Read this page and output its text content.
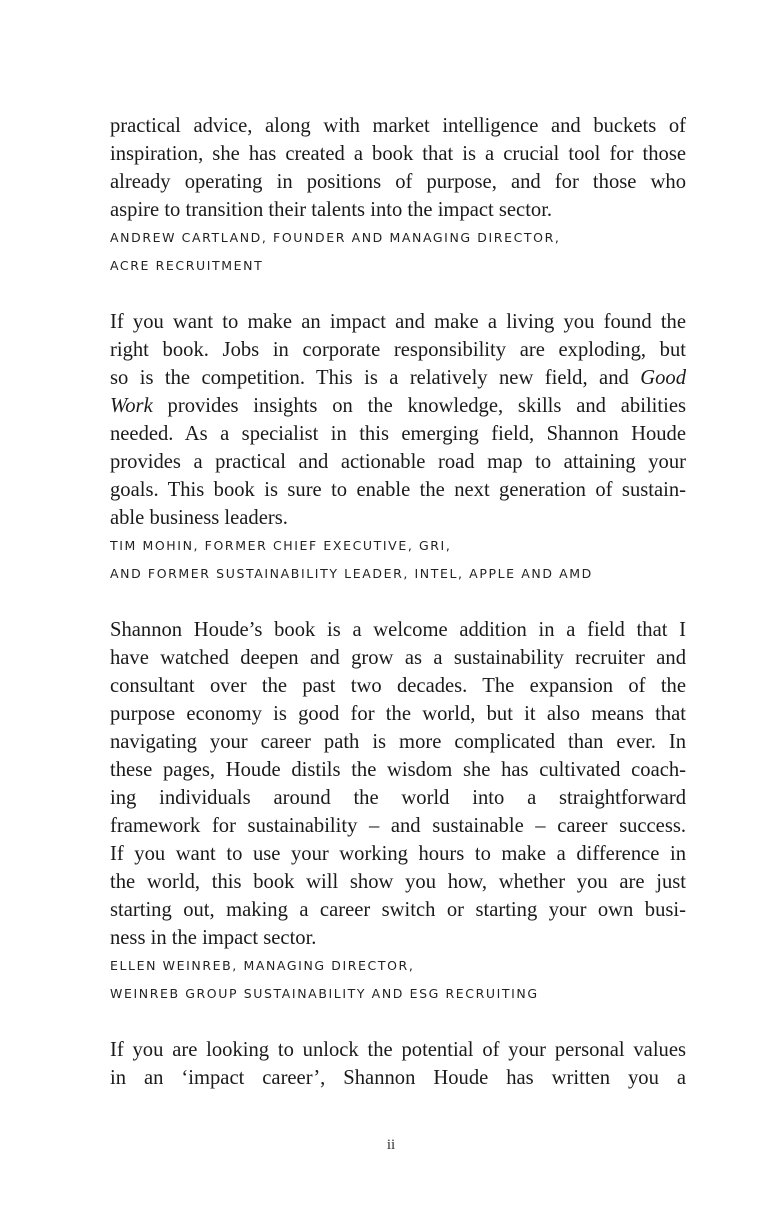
practical advice, along with market intelligence and buckets of
inspiration, she has created a book that is a crucial tool for those
already operating in positions of purpose, and for those who
aspire to transition their talents into the impact sector.

ANDREW CARTLAND, FOUNDER AND MANAGING DIRECTOR,

ACRE RECRUITMENT

If you want to make an impact and make a living you found the
right book. Jobs in corporate responsibility are exploding, but
so is the competition. This is a relatively new field, and Good
Work provides insights on the knowledge, skills and abilities
needed. As a specialist in this emerging field, Shannon Houde
provides a practical and actionable road map to attaining your
goals. This book is sure to enable the next generation of sustain-
able business leaders.

TIM MOHIN, FORMER CHIEF EXECUTIVE, GRI,

AND FORMER SUSTAINABILITY LEADER, INTEL, APPLE AND AMD

Shannon Houde’s book is a welcome addition in a field that I
have watched deepen and grow as a sustainability recruiter and
consultant over the past two decades. The expansion of the
purpose economy is good for the world, but it also means that
navigating your career path is more complicated than ever. In
these pages, Houde distils the wisdom she has cultivated coach-
ing individuals around the world into a straightforward
framework for sustainability – and sustainable – career success.
If you want to use your working hours to make a difference in
the world, this book will show you how, whether you are just
starting out, making a career switch or starting your own busi-
ness in the impact sector.

ELLEN WEINREB, MANAGING DIRECTOR,

WEINREB GROUP SUSTAINABILITY AND ESG RECRUITING

If you are looking to unlock the potential of your personal values
in an ‘impact career’, Shannon Houde has written you a

ii
